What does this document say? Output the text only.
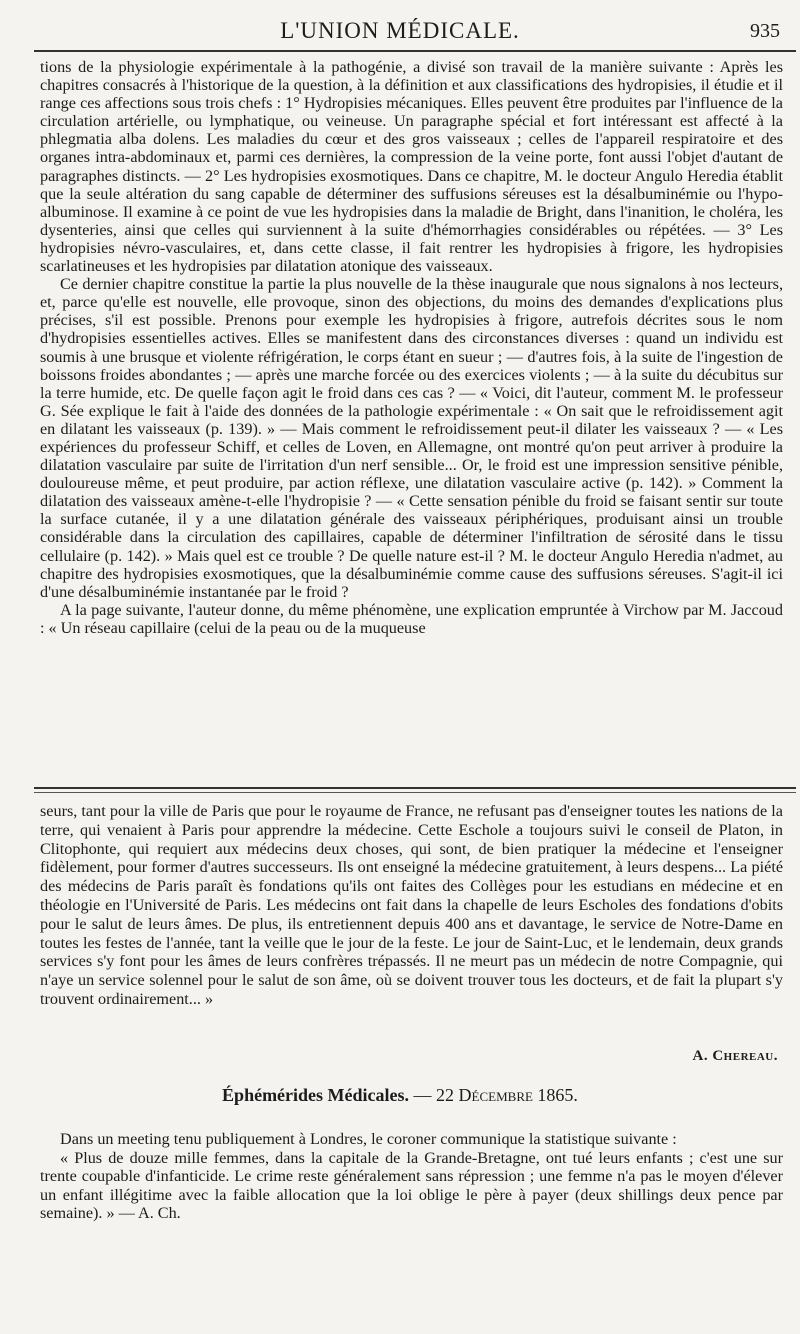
L'UNION MÉDICALE.	935

tions de la physiologie expérimentale à la pathogénie, a divisé son travail de la manière suivante : Après les chapitres consacrés à l'historique de la question, à la définition et aux classifications des hydropisies, il étudie et il range ces affections sous trois chefs : 1° Hydropisies mécaniques. Elles peuvent être produites par l'influence de la circulation artérielle, ou lymphatique, ou veineuse. Un paragraphe spécial et fort intéressant est affecté à la phlegmatia alba dolens. Les maladies du cœur et des gros vaisseaux ; celles de l'appareil respiratoire et des organes intra-abdominaux et, parmi ces dernières, la compression de la veine porte, font aussi l'objet d'autant de paragraphes distincts. — 2° Les hydropisies exosmotiques. Dans ce chapitre, M. le docteur Angulo Heredia établit que la seule altération du sang capable de déterminer des suffusions séreuses est la désalbuminémie ou l'hypo-albuminose. Il examine à ce point de vue les hydropisies dans la maladie de Bright, dans l'inanition, le choléra, les dysenteries, ainsi que celles qui surviennent à la suite d'hémorrhagies considérables ou répétées. — 3° Les hydropisies névro-vasculaires, et, dans cette classe, il fait rentrer les hydropisies à frigore, les hydropisies scarlatineuses et les hydropisies par dilatation atonique des vaisseaux.

Ce dernier chapitre constitue la partie la plus nouvelle de la thèse inaugurale que nous signalons à nos lecteurs, et, parce qu'elle est nouvelle, elle provoque, sinon des objections, du moins des demandes d'explications plus précises, s'il est possible. Prenons pour exemple les hydropisies à frigore, autrefois décrites sous le nom d'hydropisies essentielles actives. Elles se manifestent dans des circonstances diverses : quand un individu est soumis à une brusque et violente réfrigération, le corps étant en sueur ; — d'autres fois, à la suite de l'ingestion de boissons froides abondantes ; — après une marche forcée ou des exercices violents ; — à la suite du décubitus sur la terre humide, etc. De quelle façon agit le froid dans ces cas ? — « Voici, dit l'auteur, comment M. le professeur G. Sée explique le fait à l'aide des données de la pathologie expérimentale : « On sait que le refroidissement agit en dilatant les vaisseaux (p. 139). » — Mais comment le refroidissement peut-il dilater les vaisseaux ? — « Les expériences du professeur Schiff, et celles de Loven, en Allemagne, ont montré qu'on peut arriver à produire la dilatation vasculaire par suite de l'irritation d'un nerf sensible... Or, le froid est une impression sensitive pénible, douloureuse même, et peut produire, par action réflexe, une dilatation vasculaire active (p. 142). » Comment la dilatation des vaisseaux amène-t-elle l'hydropisie ? — « Cette sensation pénible du froid se faisant sentir sur toute la surface cutanée, il y a une dilatation générale des vaisseaux périphériques, produisant ainsi un trouble considérable dans la circulation des capillaires, capable de déterminer l'infiltration de sérosité dans le tissu cellulaire (p. 142). » Mais quel est ce trouble ? De quelle nature est-il ? M. le docteur Angulo Heredia n'admet, au chapitre des hydropisies exosmotiques, que la désalbuminémie comme cause des suffusions séreuses. S'agit-il ici d'une désalbuminémie instantanée par le froid ?

A la page suivante, l'auteur donne, du même phénomène, une explication empruntée à Virchow par M. Jaccoud : « Un réseau capillaire (celui de la peau ou de la muqueuse

seurs, tant pour la ville de Paris que pour le royaume de France, ne refusant pas d'enseigner toutes les nations de la terre, qui venaient à Paris pour apprendre la médecine. Cette Eschole a toujours suivi le conseil de Platon, in Clitophonte, qui requiert aux médecins deux choses, qui sont, de bien pratiquer la médecine et l'enseigner fidèlement, pour former d'autres successeurs. Ils ont enseigné la médecine gratuitement, à leurs despens... La piété des médecins de Paris paraît ès fondations qu'ils ont faites des Collèges pour les estudians en médecine et en théologie en l'Université de Paris. Les médecins ont fait dans la chapelle de leurs Escholes des fondations d'obits pour le salut de leurs âmes. De plus, ils entretiennent depuis 400 ans et davantage, le service de Notre-Dame en toutes les festes de l'année, tant la veille que le jour de la feste. Le jour de Saint-Luc, et le lendemain, deux grands services s'y font pour les âmes de leurs confrères trépassés. Il ne meurt pas un médecin de notre Compagnie, qui n'aye un service solennel pour le salut de son âme, où se doivent trouver tous les docteurs, et de fait la plupart s'y trouvent ordinairement... »

A. Chereau.
Éphémérides Médicales. — 22 Décembre 1865.

Dans un meeting tenu publiquement à Londres, le coroner communique la statistique suivante :

« Plus de douze mille femmes, dans la capitale de la Grande-Bretagne, ont tué leurs enfants ; c'est une sur trente coupable d'infanticide. Le crime reste généralement sans répression ; une femme n'a pas le moyen d'élever un enfant illégitime avec la faible allocation que la loi oblige le père à payer (deux shillings deux pence par semaine). » — A. Ch.
